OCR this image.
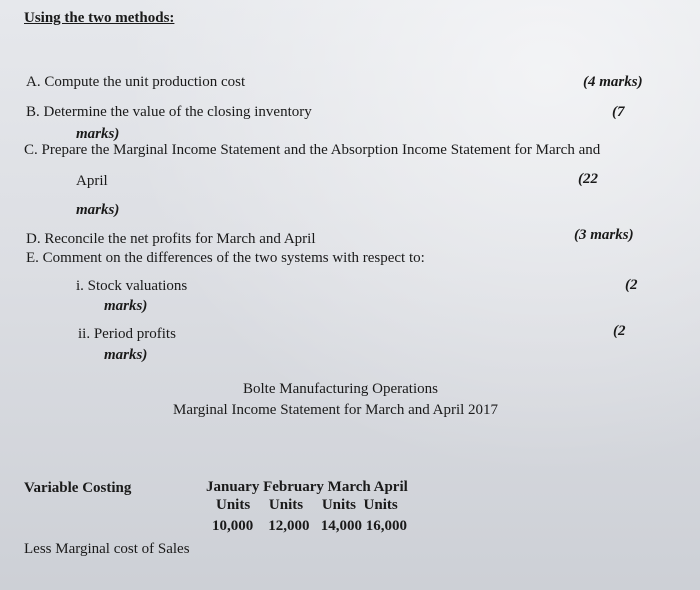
Using the two methods:
A. Compute the unit production cost	(4 marks)
B. Determine the value of the closing inventory	(7
marks)
C. Prepare the Marginal Income Statement and the Absorption Income Statement for March and
April	(22
marks)
D. Reconcile the net profits for March and April	(3 marks)
E. Comment on the differences of the two systems with respect to:
i. Stock valuations	(2
marks)
ii. Period profits	(2
marks)
Bolte Manufacturing Operations
Marginal Income Statement for March and April 2017
Variable Costing	January February March April
Units     Units     Units  Units
10,000    12,000   14,000 16,000
Less Marginal cost of Sales
